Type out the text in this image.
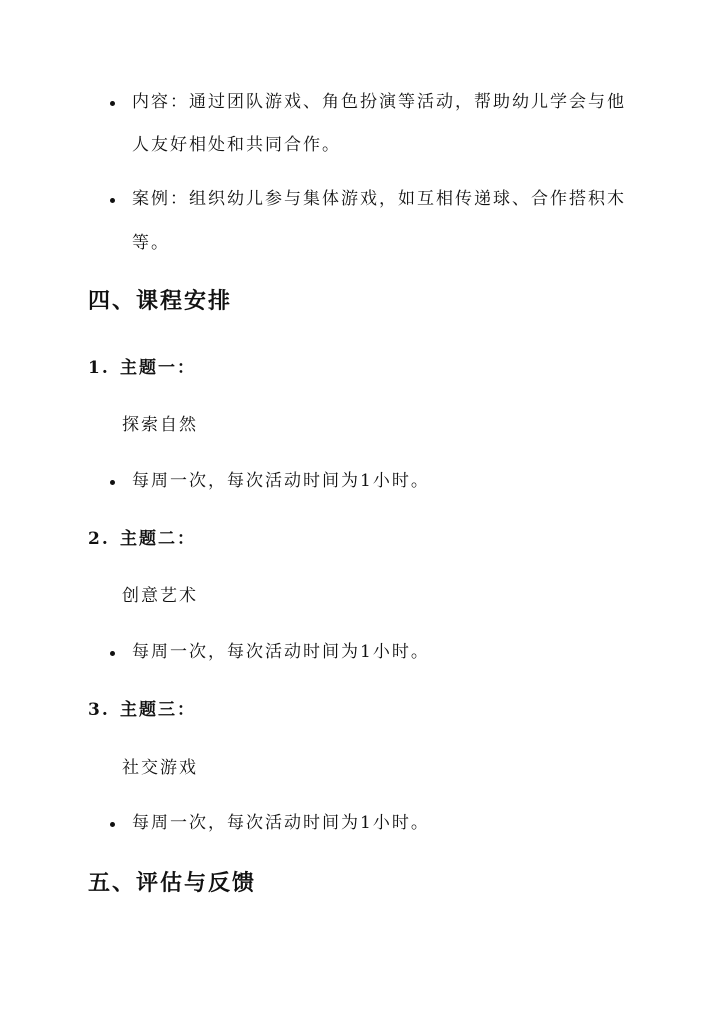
内容：通过团队游戏、角色扮演等活动，帮助幼儿学会与他
人友好相处和共同合作。
案例：组织幼儿参与集体游戏，如互相传递球、合作搭积木
等。
四、课程安排
1. 主题一：
探索自然
每周一次，每次活动时间为1小时。
2. 主题二：
创意艺术
每周一次，每次活动时间为1小时。
3. 主题三：
社交游戏
每周一次，每次活动时间为1小时。
五、评估与反馈
